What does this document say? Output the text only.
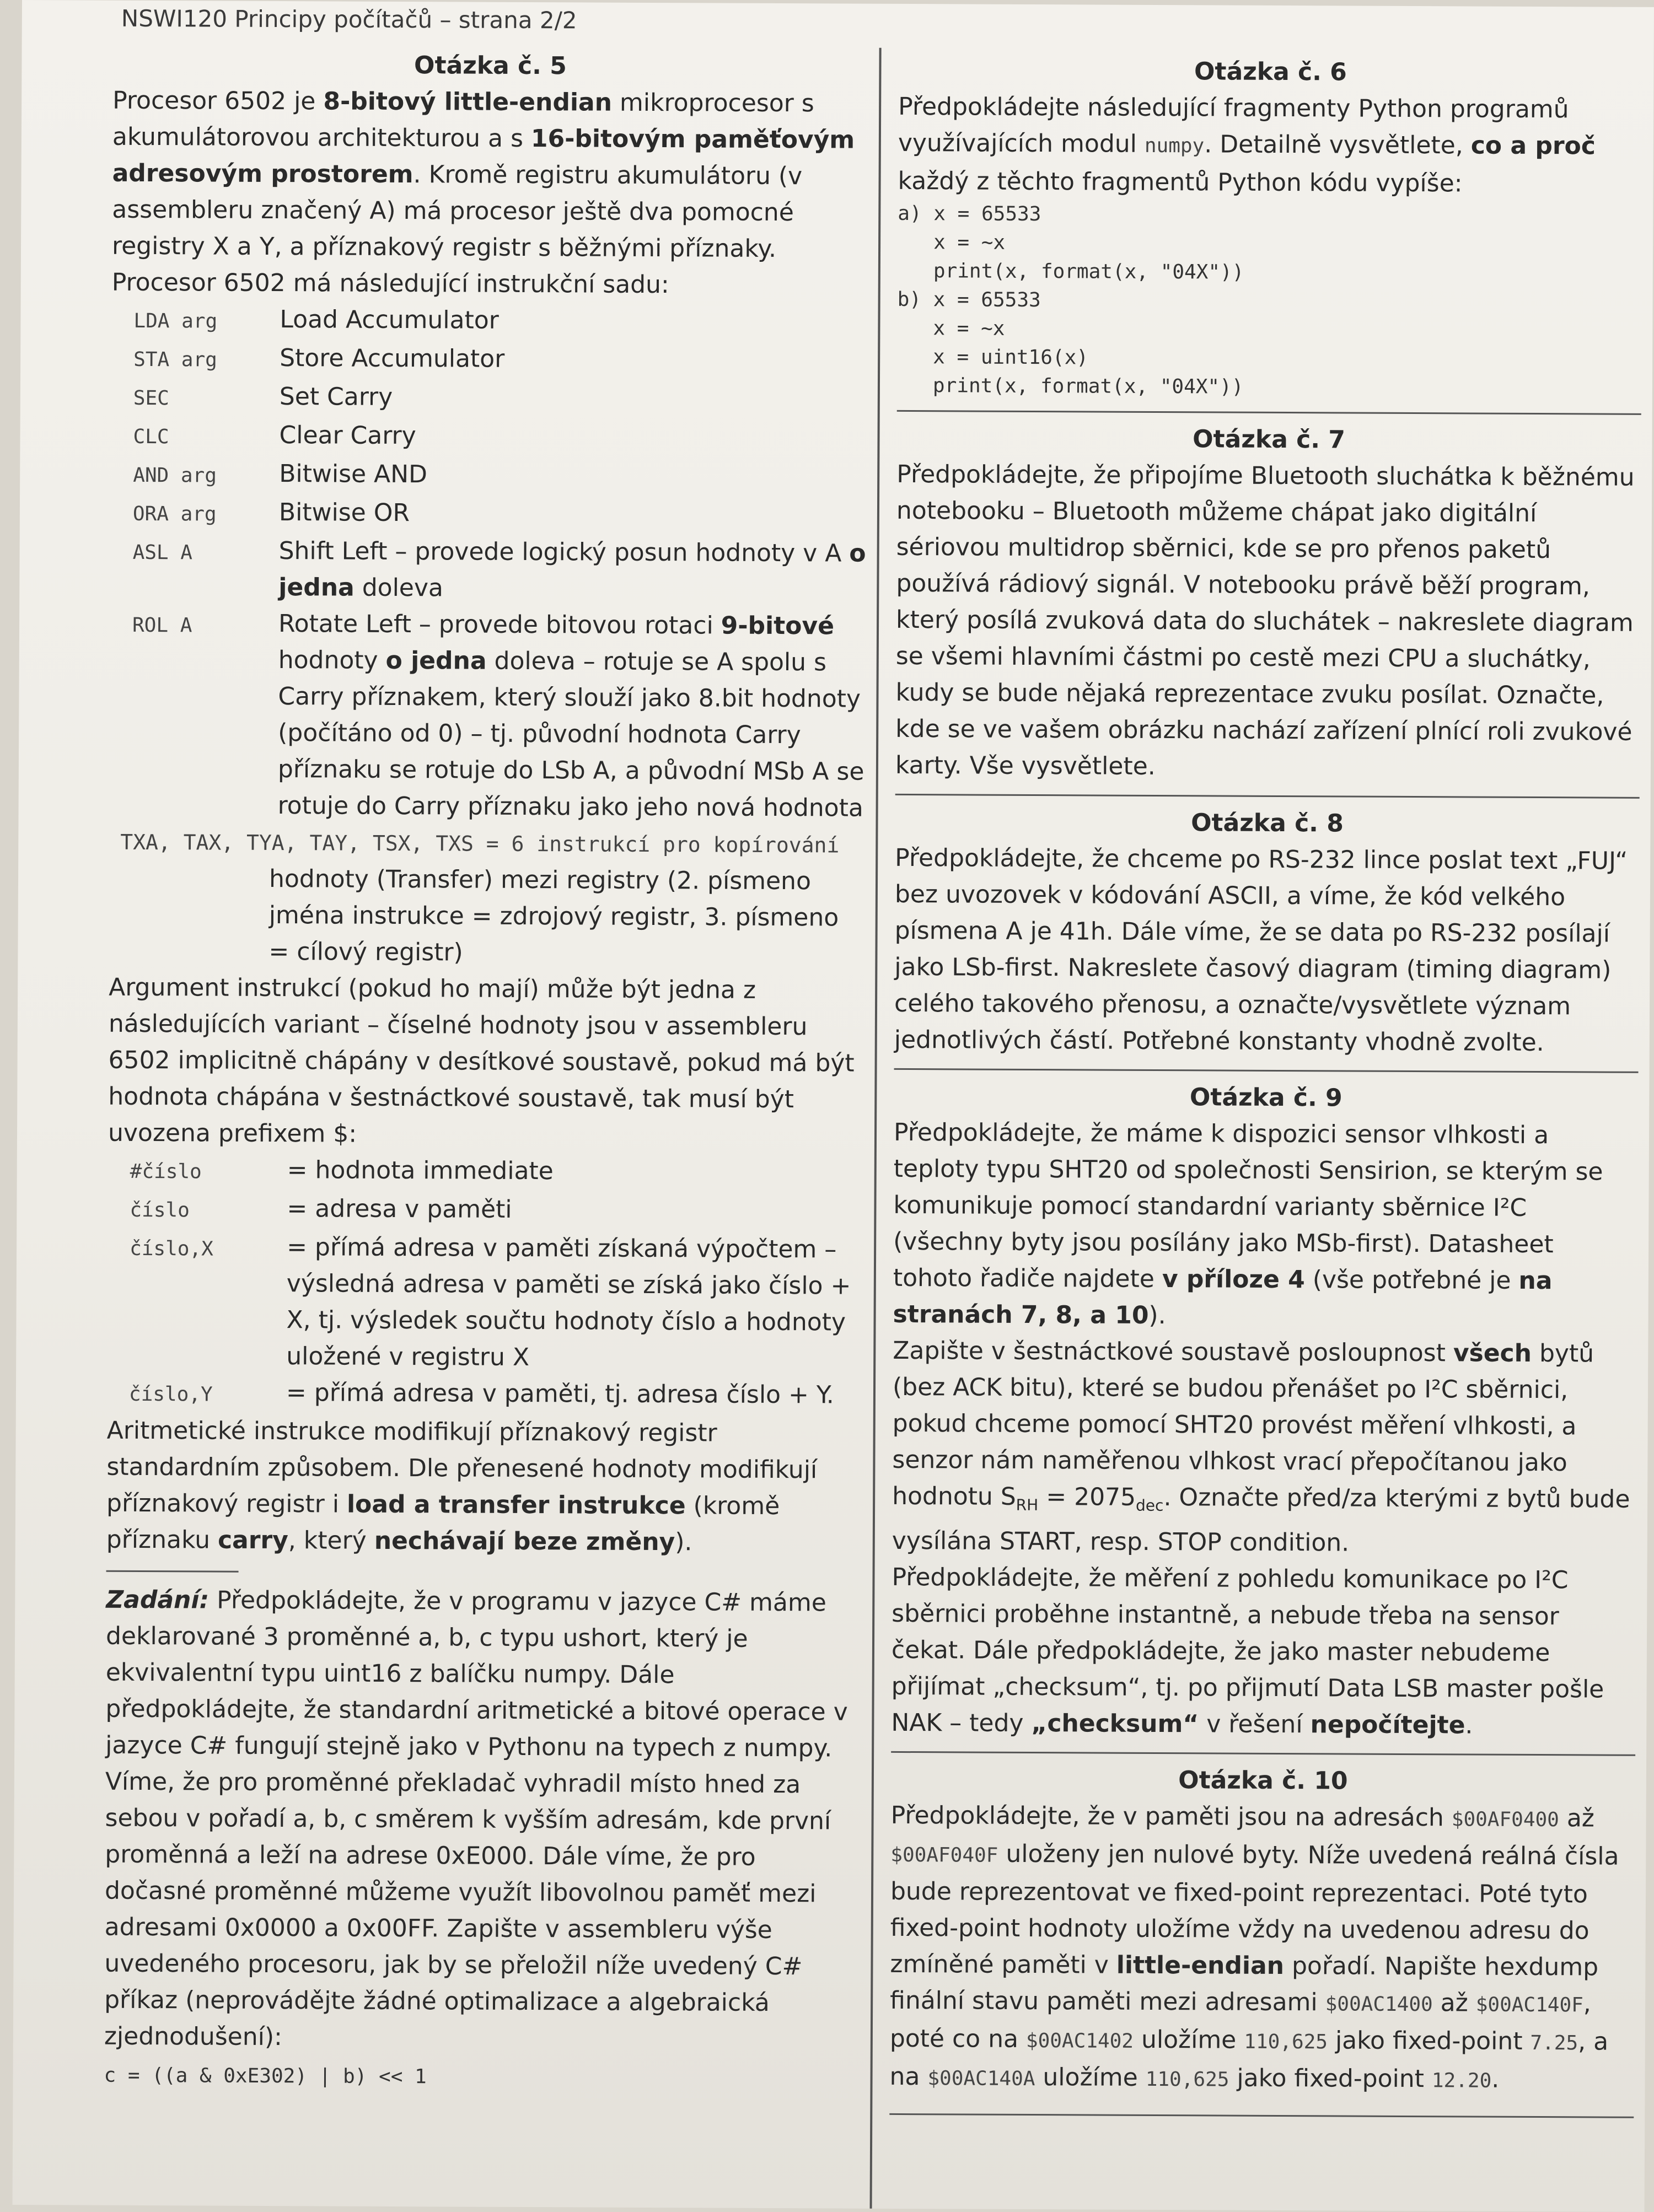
NSWI120 Principy počítačů – strana 2/2
Otázka č. 5

Procesor 6502 je 8-bitový little-endian mikroprocesor s akumulátorovou architekturou a s 16-bitovým paměťovým adresovým prostorem. Kromě registru akumulátoru (v assembleru značený A) má procesor ještě dva pomocné registry X a Y, a příznakový registr s běžnými příznaky. Procesor 6502 má následující instrukční sadu:

LDA arg	Load Accumulator
STA arg	Store Accumulator
SEC	Set Carry
CLC	Clear Carry
AND arg	Bitwise AND
ORA arg	Bitwise OR
ASL A	Shift Left – provede logický posun hodnoty v A o jedna doleva
ROL A	Rotate Left – provede bitovou rotaci 9-bitové hodnoty o jedna doleva – rotuje se A spolu s Carry příznakem, který slouží jako 8.bit hodnoty (počítáno od 0) – tj. původní hodnota Carry příznaku se rotuje do LSb A, a původní MSb A se rotuje do Carry příznaku jako jeho nová hodnota

TXA, TAX, TYA, TAY, TSX, TXS = 6 instrukcí pro kopírování

hodnoty (Transfer) mezi registry (2. písmeno jména instrukce = zdrojový registr, 3. písmeno = cílový registr)

Argument instrukcí (pokud ho mají) může být jedna z následujících variant – číselné hodnoty jsou v assembleru 6502 implicitně chápány v desítkové soustavě, pokud má být hodnota chápána v šestnáctkové soustavě, tak musí být uvozena prefixem $:

#číslo	= hodnota immediate
číslo	= adresa v paměti
číslo,X	= přímá adresa v paměti získaná výpočtem – výsledná adresa v paměti se získá jako číslo + X, tj. výsledek součtu hodnoty číslo a hodnoty uložené v registru X
číslo,Y	= přímá adresa v paměti, tj. adresa číslo + Y.

Aritmetické instrukce modifikují příznakový registr standardním způsobem. Dle přenesené hodnoty modifikují příznakový registr i load a transfer instrukce (kromě příznaku carry, který nechávají beze změny).

Zadání: Předpokládejte, že v programu v jazyce C# máme deklarované 3 proměnné a, b, c typu ushort, který je ekvivalentní typu uint16 z balíčku numpy. Dále předpokládejte, že standardní aritmetické a bitové operace v jazyce C# fungují stejně jako v Pythonu na typech z numpy. Víme, že pro proměnné překladač vyhradil místo hned za sebou v pořadí a, b, c směrem k vyšším adresám, kde první proměnná a leží na adrese 0xE000. Dále víme, že pro dočasné proměnné můžeme využít libovolnou paměť mezi adresami 0x0000 a 0x00FF. Zapište v assembleru výše uvedeného procesoru, jak by se přeložil níže uvedený C# příkaz (neprovádějte žádné optimalizace a algebraická zjednodušení):

c = ((a & 0xE302) | b) << 1
Otázka č. 6

Předpokládejte následující fragmenty Python programů využívajících modul numpy. Detailně vysvětlete, co a proč každý z těchto fragmentů Python kódu vypíše:

a) x = 65533
x = ~x
print(x, format(x, "04X"))
b) x = 65533
x = ~x
x = uint16(x)
print(x, format(x, "04X"))
Otázka č. 7

Předpokládejte, že připojíme Bluetooth sluchátka k běžnému notebooku – Bluetooth můžeme chápat jako digitální sériovou multidrop sběrnici, kde se pro přenos paketů používá rádiový signál. V notebooku právě běží program, který posílá zvuková data do sluchátek – nakreslete diagram se všemi hlavními částmi po cestě mezi CPU a sluchátky, kudy se bude nějaká reprezentace zvuku posílat. Označte, kde se ve vašem obrázku nachází zařízení plnící roli zvukové karty. Vše vysvětlete.

Otázka č. 8

Předpokládejte, že chceme po RS-232 lince poslat text „FUJ“ bez uvozovek v kódování ASCII, a víme, že kód velkého písmena A je 41h. Dále víme, že se data po RS-232 posílají jako LSb-first. Nakreslete časový diagram (timing diagram) celého takového přenosu, a označte/vysvětlete význam jednotlivých částí. Potřebné konstanty vhodně zvolte.

Otázka č. 9

Předpokládejte, že máme k dispozici sensor vlhkosti a teploty typu SHT20 od společnosti Sensirion, se kterým se komunikuje pomocí standardní varianty sběrnice I²C (všechny byty jsou posílány jako MSb-first). Datasheet tohoto řadiče najdete v příloze 4 (vše potřebné je na stranách 7, 8, a 10).

Zapište v šestnáctkové soustavě posloupnost všech bytů (bez ACK bitu), které se budou přenášet po I²C sběrnici, pokud chceme pomocí SHT20 provést měření vlhkosti, a senzor nám naměřenou vlhkost vrací přepočítanou jako hodnotu $S_{RH} = 2075_{dec}$. Označte před/za kterými z bytů bude vysílána START, resp. STOP condition.

Předpokládejte, že měření z pohledu komunikace po I²C sběrnici proběhne instantně, a nebude třeba na sensor čekat. Dále předpokládejte, že jako master nebudeme přijímat „checksum“, tj. po přijmutí Data LSB master pošle NAK – tedy „checksum“ v řešení nepočítejte.

Otázka č. 10

Předpokládejte, že v paměti jsou na adresách $00AF0400 až $00AF040F uloženy jen nulové byty. Níže uvedená reálná čísla bude reprezentovat ve fixed-point reprezentaci. Poté tyto fixed-point hodnoty uložíme vždy na uvedenou adresu do zmíněné paměti v little-endian pořadí. Napište hexdump finální stavu paměti mezi adresami $00AC1400 až $00AC140F, poté co na $00AC1402 uložíme 110,625 jako fixed-point 7.25, a na $00AC140A uložíme 110,625 jako fixed-point 12.20.
